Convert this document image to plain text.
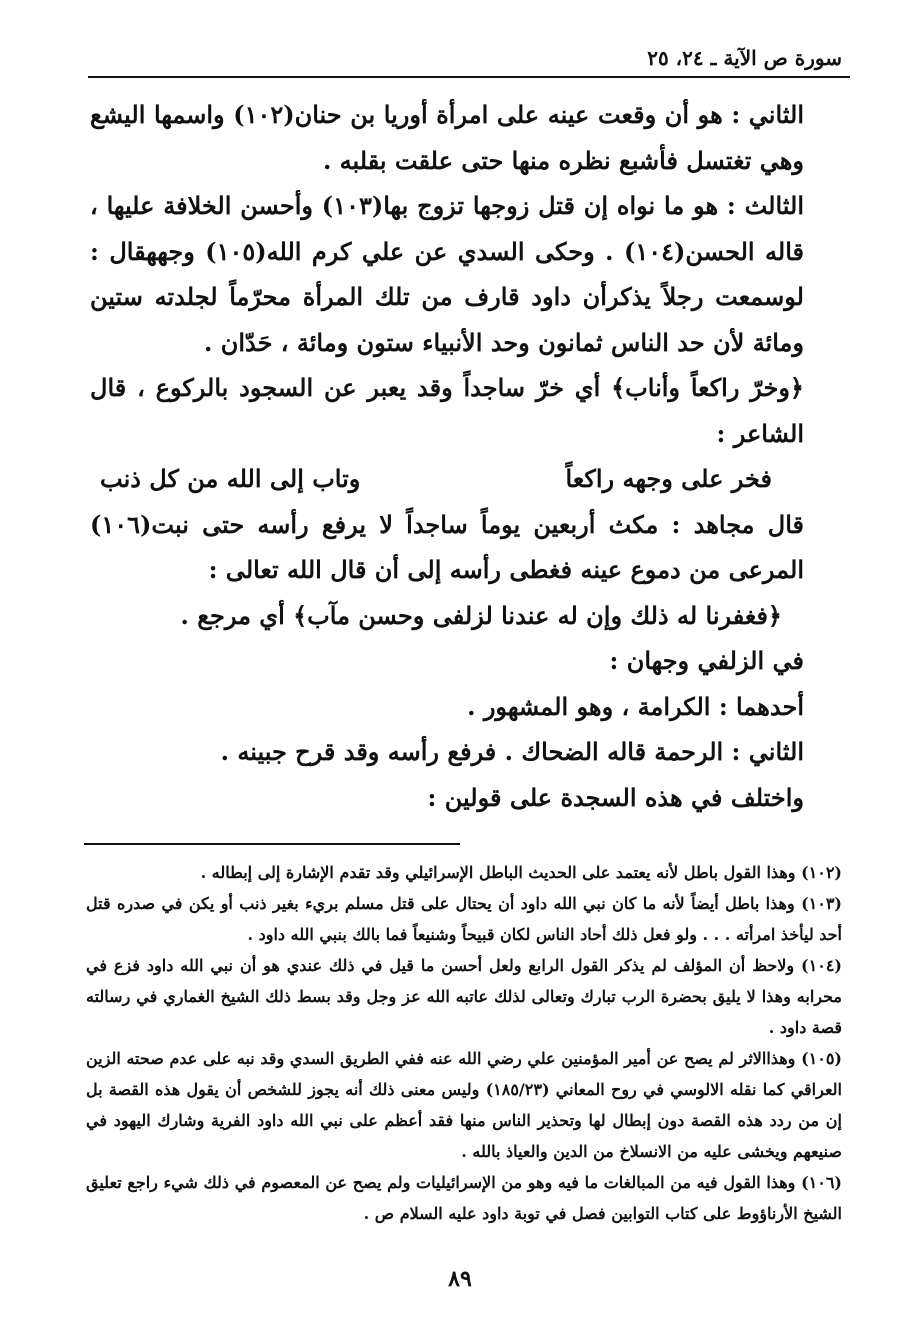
سورة ص الآية ـ ٢٤، ٢٥

الثاني : هو أن وقعت عينه على امرأة أوريا بن حنان(١٠٢) واسمها اليشع وهي تغتسل فأشبع نظره منها حتى علقت بقلبه .

الثالث : هو ما نواه إن قتل زوجها تزوج بها(١٠٣) وأحسن الخلافة عليها ، قاله الحسن(١٠٤) . وحكى السدي عن علي كرم الله(١٠٥) وجههقال : لوسمعت رجلاً يذكرأن داود قارف من تلك المرأة محرّماً لجلدته ستين ومائة لأن حد الناس ثمانون وحد الأنبياء ستون ومائة ، حَدّان .

﴿وخرّ راكعاً وأناب﴾ أي خرّ ساجداً وقد يعبر عن السجود بالركوع ، قال الشاعر :

فخر على وجهه راكعاً
وتاب إلى الله من كل ذنب

قال مجاهد : مكث أربعين يوماً ساجداً لا يرفع رأسه حتى نبت(١٠٦) المرعى من دموع عينه فغطى رأسه إلى أن قال الله تعالى :

﴿فغفرنا له ذلك وإن له عندنا لزلفى وحسن مآب﴾ أي مرجع .

في الزلفي وجهان :

أحدهما : الكرامة ، وهو المشهور .

الثاني : الرحمة قاله الضحاك . فرفع رأسه وقد قرح جبينه .

واختلف في هذه السجدة على قولين :

(١٠٢) وهذا القول باطل لأنه يعتمد على الحديث الباطل الإسرائيلي وقد تقدم الإشارة إلى إبطاله .

(١٠٣) وهذا باطل أيضاً لأنه ما كان نبي الله داود أن يحتال على قتل مسلم بريء بغير ذنب أو يكن في صدره قتل أحد ليأخذ امرأته . . . ولو فعل ذلك أحاد الناس لكان قبيحاً وشنيعاً فما بالك بنبي الله داود .

(١٠٤) ولاحظ أن المؤلف لم يذكر القول الرابع ولعل أحسن ما قيل في ذلك عندي هو أن نبي الله داود فزع في محرابه وهذا لا يليق بحضرة الرب تبارك وتعالى لذلك عاتبه الله عز وجل وقد بسط ذلك الشيخ الغماري في رسالته قصة داود .

(١٠٥) وهذاالاثر لم يصح عن أمير المؤمنين علي رضي الله عنه ففي الطريق السدي وقد نبه على عدم صحته الزين العراقي كما نقله الالوسي في روح المعاني (١٨٥/٢٣) وليس معنى ذلك أنه يجوز للشخص أن يقول هذه القصة بل إن من ردد هذه القصة دون إبطال لها وتحذير الناس منها فقد أعظم على نبي الله داود الفرية وشارك اليهود في صنيعهم ويخشى عليه من الانسلاخ من الدين والعياذ بالله .

(١٠٦) وهذا القول فيه من المبالغات ما فيه وهو من الإسرائيليات ولم يصح عن المعصوم في ذلك شيء راجع تعليق الشيخ الأرناؤوط على كتاب التوابين فصل في توبة داود عليه السلام ص .

٨٩
